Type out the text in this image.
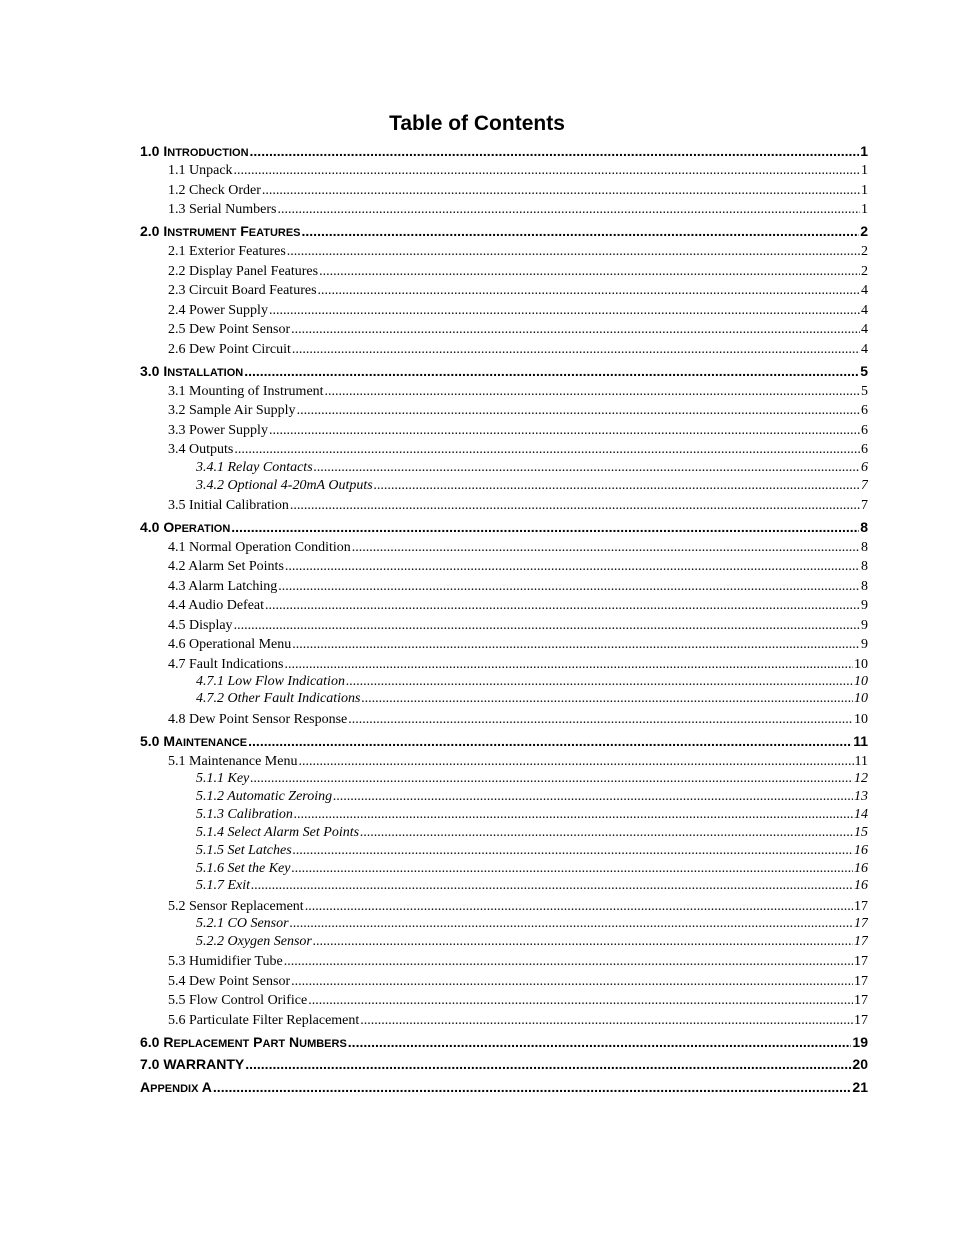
Table of Contents
1.0 INTRODUCTION .....	1
1.1 Unpack .....	1
1.2 Check Order .....	1
1.3 Serial Numbers .....	1
2.0 INSTRUMENT FEATURES .....	2
2.1 Exterior Features .....	2
2.2 Display Panel Features .....	2
2.3 Circuit Board Features .....	4
2.4 Power Supply .....	4
2.5 Dew Point Sensor .....	4
2.6 Dew Point Circuit .....	4
3.0 INSTALLATION .....	5
3.1 Mounting of Instrument .....	5
3.2 Sample Air Supply .....	6
3.3 Power Supply .....	6
3.4 Outputs .....	6
3.4.1 Relay Contacts .....	6
3.4.2 Optional 4-20mA Outputs .....	7
3.5 Initial Calibration .....	7
4.0 OPERATION .....	8
4.1 Normal Operation Condition .....	8
4.2 Alarm Set Points .....	8
4.3 Alarm Latching .....	8
4.4 Audio Defeat .....	9
4.5 Display .....	9
4.6 Operational Menu .....	9
4.7 Fault Indications .....	10
4.7.1 Low Flow Indication .....	10
4.7.2 Other Fault Indications .....	10
4.8 Dew Point Sensor Response .....	10
5.0 MAINTENANCE .....	11
5.1 Maintenance Menu .....	11
5.1.1 Key .....	12
5.1.2 Automatic Zeroing .....	13
5.1.3 Calibration .....	14
5.1.4 Select Alarm Set Points .....	15
5.1.5 Set Latches .....	16
5.1.6 Set the Key .....	16
5.1.7 Exit .....	16
5.2 Sensor Replacement .....	17
5.2.1 CO Sensor .....	17
5.2.2 Oxygen Sensor .....	17
5.3 Humidifier Tube .....	17
5.4 Dew Point Sensor .....	17
5.5 Flow Control Orifice .....	17
5.6 Particulate Filter Replacement .....	17
6.0 REPLACEMENT PART NUMBERS .....	19
7.0 WARRANTY .....	20
APPENDIX A .....	21
